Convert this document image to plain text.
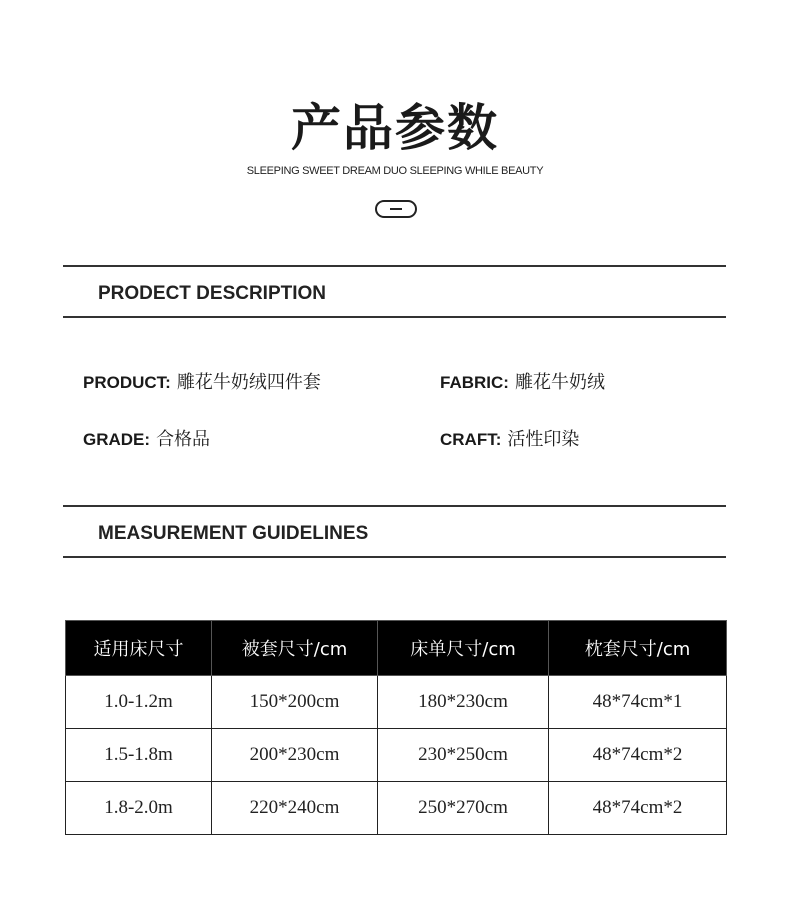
产品参数
SLEEPING SWEET DREAM DUO SLEEPING WHILE BEAUTY
PRODECT DESCRIPTION
PRODUCT: 雕花牛奶绒四件套	FABRIC: 雕花牛奶绒
GRADE: 合格品	CRAFT: 活性印染
MEASUREMENT GUIDELINES
适用床尺寸	被套尺寸/cm	床单尺寸/cm	枕套尺寸/cm
1.0-1.2m	150*200cm	180*230cm	48*74cm*1
1.5-1.8m	200*230cm	230*250cm	48*74cm*2
1.8-2.0m	220*240cm	250*270cm	48*74cm*2
